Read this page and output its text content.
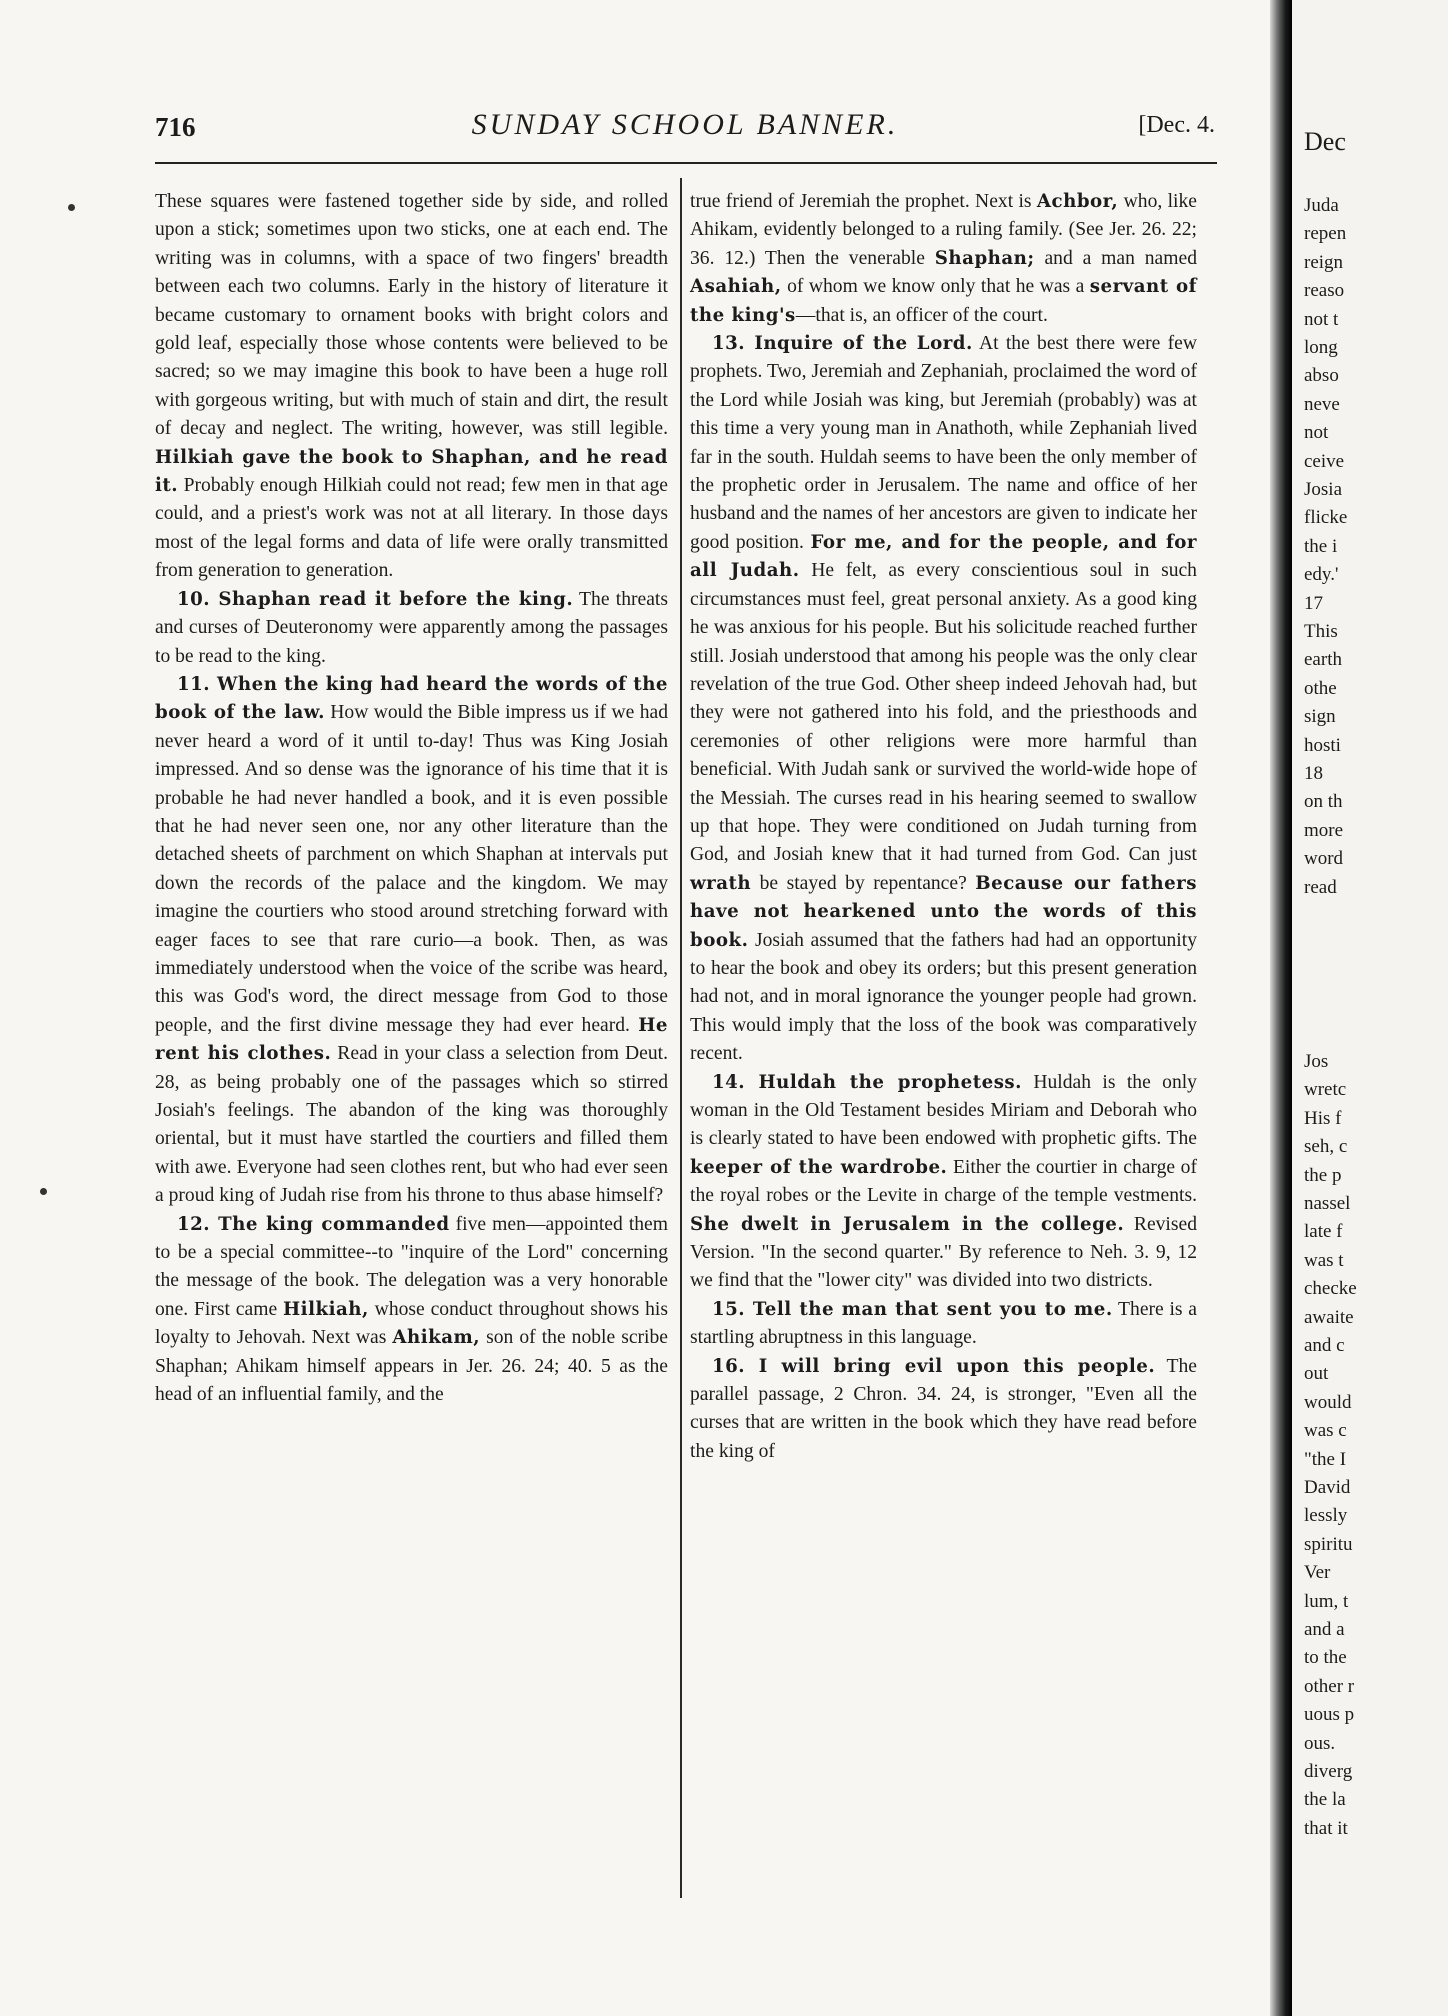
716	SUNDAY SCHOOL BANNER.	[Dec. 4.

These squares were fastened together side by side, and rolled upon a stick; sometimes upon two sticks, one at each end. The writing was in columns, with a space of two fingers' breadth between each two columns. Early in the history of literature it became customary to ornament books with bright colors and gold leaf, especially those whose contents were believed to be sacred; so we may imagine this book to have been a huge roll with gorgeous writing, but with much of stain and dirt, the result of decay and neglect. The writing, however, was still legible. Hilkiah gave the book to Shaphan, and he read it. Probably enough Hilkiah could not read; few men in that age could, and a priest's work was not at all literary. In those days most of the legal forms and data of life were orally transmitted from generation to generation.

10. Shaphan read it before the king. The threats and curses of Deuteronomy were apparently among the passages to be read to the king.

11. When the king had heard the words of the book of the law. How would the Bible impress us if we had never heard a word of it until to-day! Thus was King Josiah impressed. And so dense was the ignorance of his time that it is probable he had never handled a book, and it is even possible that he had never seen one, nor any other literature than the detached sheets of parchment on which Shaphan at intervals put down the records of the palace and the kingdom. We may imagine the courtiers who stood around stretching forward with eager faces to see that rare curio—a book. Then, as was immediately understood when the voice of the scribe was heard, this was God's word, the direct message from God to those people, and the first divine message they had ever heard. He rent his clothes. Read in your class a selection from Deut. 28, as being probably one of the passages which so stirred Josiah's feelings. The abandon of the king was thoroughly oriental, but it must have startled the courtiers and filled them with awe. Everyone had seen clothes rent, but who had ever seen a proud king of Judah rise from his throne to thus abase himself?

12. The king commanded five men—appointed them to be a special committee--to "inquire of the Lord" concerning the message of the book. The delegation was a very honorable one. First came Hilkiah, whose conduct throughout shows his loyalty to Jehovah. Next was Ahikam, son of the noble scribe Shaphan; Ahikam himself appears in Jer. 26. 24; 40. 5 as the head of an influential family, and the

true friend of Jeremiah the prophet. Next is Achbor, who, like Ahikam, evidently belonged to a ruling family. (See Jer. 26. 22; 36. 12.) Then the venerable Shaphan; and a man named Asahiah, of whom we know only that he was a servant of the king's—that is, an officer of the court.

13. Inquire of the Lord. At the best there were few prophets. Two, Jeremiah and Zephaniah, proclaimed the word of the Lord while Josiah was king, but Jeremiah (probably) was at this time a very young man in Anathoth, while Zephaniah lived far in the south. Huldah seems to have been the only member of the prophetic order in Jerusalem. The name and office of her husband and the names of her ancestors are given to indicate her good position. For me, and for the people, and for all Judah. He felt, as every conscientious soul in such circumstances must feel, great personal anxiety. As a good king he was anxious for his people. But his solicitude reached further still. Josiah understood that among his people was the only clear revelation of the true God. Other sheep indeed Jehovah had, but they were not gathered into his fold, and the priesthoods and ceremonies of other religions were more harmful than beneficial. With Judah sank or survived the world-wide hope of the Messiah. The curses read in his hearing seemed to swallow up that hope. They were conditioned on Judah turning from God, and Josiah knew that it had turned from God. Can just wrath be stayed by repentance? Because our fathers have not hearkened unto the words of this book. Josiah assumed that the fathers had had an opportunity to hear the book and obey its orders; but this present generation had not, and in moral ignorance the younger people had grown. This would imply that the loss of the book was comparatively recent.

14. Huldah the prophetess. Huldah is the only woman in the Old Testament besides Miriam and Deborah who is clearly stated to have been endowed with prophetic gifts. The keeper of the wardrobe. Either the courtier in charge of the royal robes or the Levite in charge of the temple vestments. She dwelt in Jerusalem in the college. Revised Version. "In the second quarter." By reference to Neh. 3. 9, 12 we find that the "lower city" was divided into two districts.

15. Tell the man that sent you to me. There is a startling abruptness in this language.

16. I will bring evil upon this people. The parallel passage, 2 Chron. 34. 24, is stronger, "Even all the curses that are written in the book which they have read before the king of

Dec
Juda
repen
reign
reaso
not t
long
abso
neve
not
ceive
Josia
flicke
the i
edy.'
17
This
earth
othe
sign
hosti
18
on th
more
word
read
Jos
wretc
His f
seh, c
the p
nassel
late f
was t
checke
awaite
and c
out
would
was c
"the I
David
lessly
spiritu
Ver
lum, t
and a
to the
other r
uous p
ous.
diverg
the la
that it
